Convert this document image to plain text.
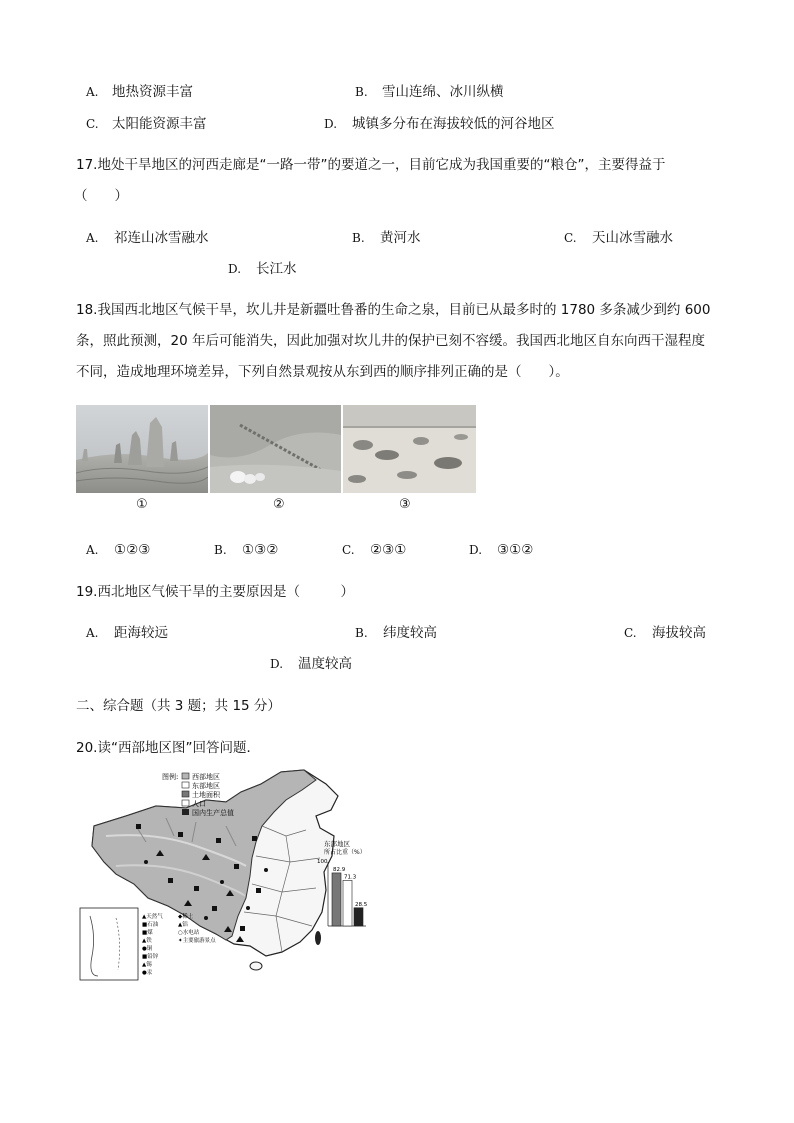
A. 地热资源丰富	B. 雪山连绵、冰川纵横
C. 太阳能资源丰富	D. 城镇多分布在海拔较低的河谷地区
17.地处干旱地区的河西走廊是“一路一带”的要道之一，目前它成为我国重要的“粮仓”，主要得益于
（　　）
A. 祁连山冰雪融水	B. 黄河水	C. 天山冰雪融水
D. 长江水
18.我国西北地区气候干旱，坎儿井是新疆吐鲁番的生命之泉，目前已从最多时的 1780 多条减少到约 600
条，照此预测，20 年后可能消失，因此加强对坎儿井的保护已刻不容缓。我国西北地区自东向西干湿程度
不同，造成地理环境差异，下列自然景观按从东到西的顺序排列正确的是（　　）。
①	②	③
A. ①②③	B. ①③②	C. ②③①	D. ③①②
19.西北地区气候干旱的主要原因是（　　　）
A. 距海较远	B. 纬度较高	C. 海拔较高
D. 温度较高
二、综合题（共 3 题；共 15 分）
20.读“西部地区图”回答问题．
图例: 西部地区
东部地区
土地面积
人口
国内生产总值
▲天然气
■石油
■煤
▲铁
●铜
■铅锌
▲锡
●汞
◆稀土
▲铝
○水电站
✦主要旅游景点
东部地区
所占比重（%）
100
82.9
71.3
28.5
